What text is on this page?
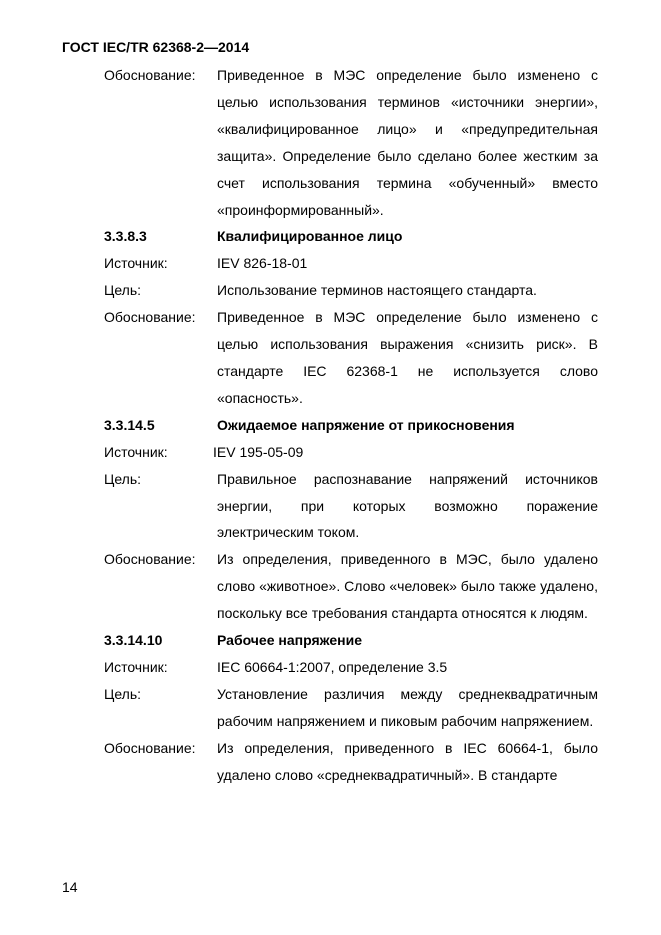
ГОСТ IEC/TR 62368-2—2014
Обоснование:	Приведенное в МЭС определение было изменено с целью использования терминов «источники энергии», «квалифицированное лицо» и «предупредительная защита». Определение было сделано более жестким за счет использования термина «обученный» вместо «проинформированный».
3.3.8.3	Квалифицированное лицо
Источник:	IEV 826-18-01
Цель:	Использование терминов настоящего стандарта.
Обоснование:	Приведенное в МЭС определение было изменено с целью использования выражения «снизить риск». В стандарте IEC 62368-1 не используется слово «опасность».
3.3.14.5	Ожидаемое напряжение от прикосновения
Источник:	IEV 195-05-09
Цель:	Правильное распознавание напряжений источников энергии, при которых возможно поражение электрическим током.
Обоснование:	Из определения, приведенного в МЭС, было удалено слово «животное». Слово «человек» было также удалено, поскольку все требования стандарта относятся к людям.
3.3.14.10	Рабочее напряжение
Источник:	IEC 60664-1:2007, определение 3.5
Цель:	Установление различия между среднеквадратичным рабочим напряжением и пиковым рабочим напряжением.
Обоснование:	Из определения, приведенного в IEC 60664-1, было удалено слово «среднеквадратичный». В стандарте
14
